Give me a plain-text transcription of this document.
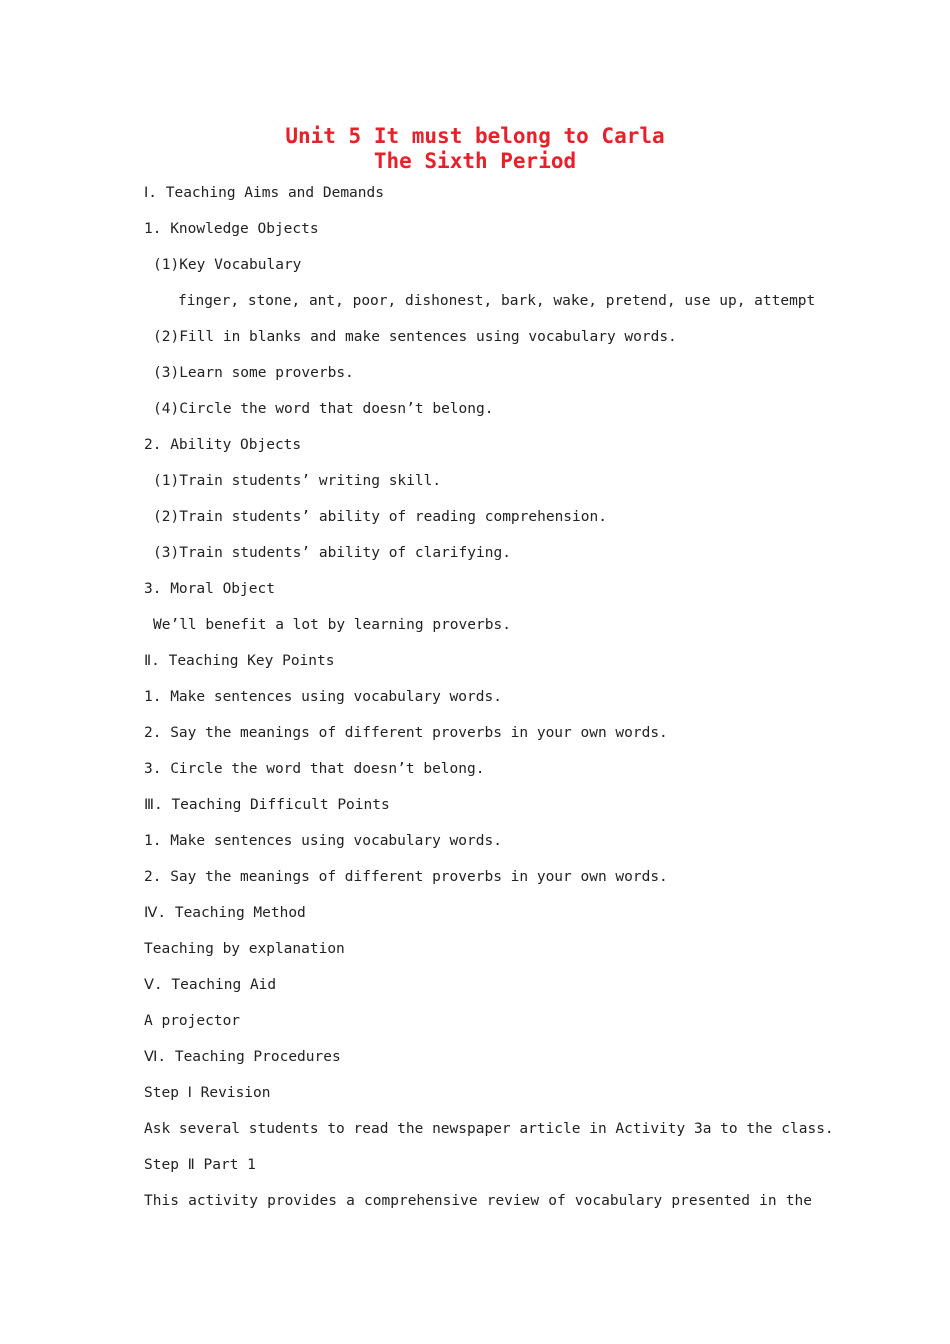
Unit 5 It must belong to Carla
The Sixth Period
Ⅰ. Teaching Aims and Demands
1. Knowledge Objects
(1)Key Vocabulary
finger, stone, ant, poor, dishonest, bark, wake, pretend, use up, attempt
(2)Fill in blanks and make sentences using vocabulary words.
(3)Learn some proverbs.
(4)Circle the word that doesn’t belong.
2. Ability Objects
(1)Train students’ writing skill.
(2)Train students’ ability of reading comprehension.
(3)Train students’ ability of clarifying.
3. Moral Object
We’ll benefit a lot by learning proverbs.
Ⅱ. Teaching Key Points
1. Make sentences using vocabulary words.
2. Say the meanings of different proverbs in your own words.
3. Circle the word that doesn’t belong.
Ⅲ. Teaching Difficult Points
1. Make sentences using vocabulary words.
2. Say the meanings of different proverbs in your own words.
Ⅳ. Teaching Method
Teaching by explanation
Ⅴ. Teaching Aid
A projector
Ⅵ. Teaching Procedures
Step Ⅰ Revision
Ask several students to read the newspaper article in Activity 3a to the class.
Step Ⅱ Part 1
This activity provides a comprehensive review of vocabulary presented in the
